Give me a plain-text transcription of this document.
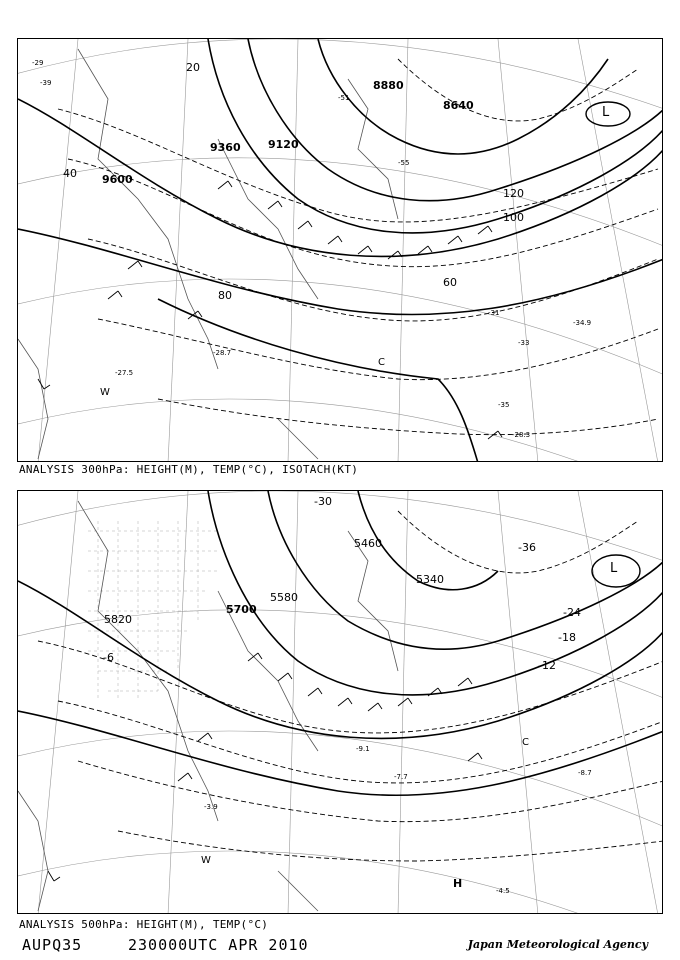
9600
9360 9120
8880
8640
20
40
60
80
100
120
-29
-31
-33
-35
-39
-51
-55
-27.5
-28.7
-28.3
-34.9
L
C
W
ANALYSIS 300hPa: HEIGHT(M), TEMP(°C), ISOTACH(KT)
5820
5700
5580
5460
5340
-6
-12
-18
-24
-30
-36
-8.7
-4.5
-3.9
-7.7
-9.1
L
H
C
W
ANALYSIS 500hPa: HEIGHT(M), TEMP(°C)
AUPQ35	230000UTC APR 2010	Japan Meteorological Agency
